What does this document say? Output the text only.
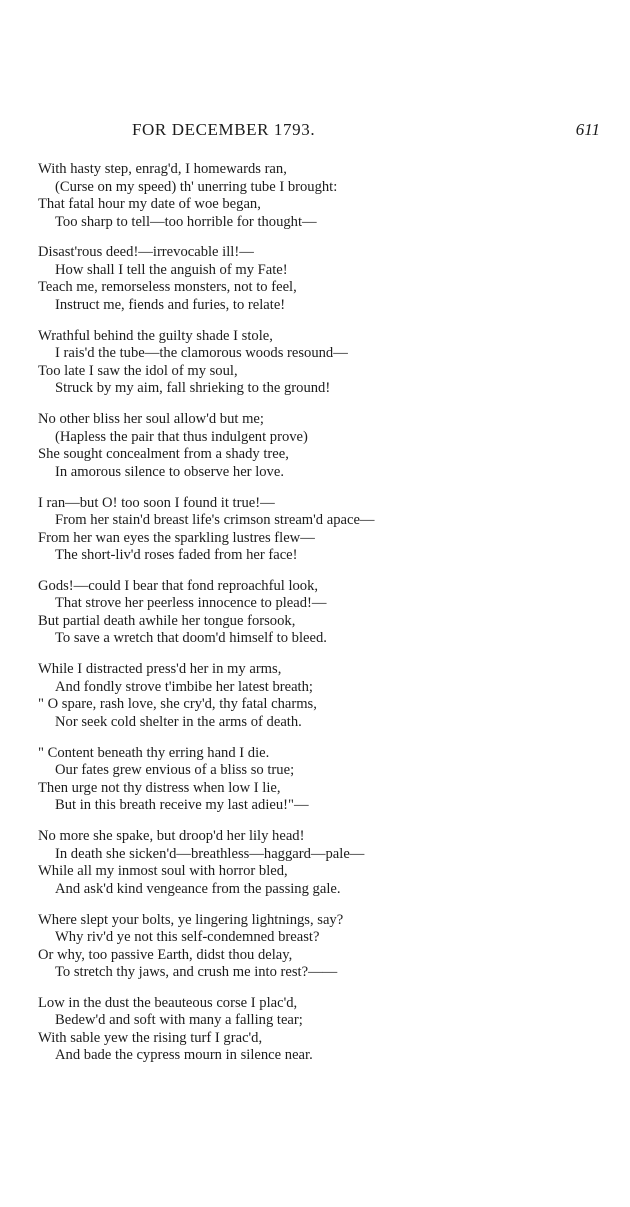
FOR DECEMBER 1793.	611
With hasty step, enrag'd, I homewards ran,
(Curse on my speed) th' unerring tube I brought:
That fatal hour my date of woe began,
Too sharp to tell—too horrible for thought—
Disast'rous deed!—irrevocable ill!—
How shall I tell the anguish of my Fate!
Teach me, remorseless monsters, not to feel,
Instruct me, fiends and furies, to relate!
Wrathful behind the guilty shade I stole,
I rais'd the tube—the clamorous woods resound—
Too late I saw the idol of my soul,
Struck by my aim, fall shrieking to the ground!
No other bliss her soul allow'd but me;
(Hapless the pair that thus indulgent prove)
She sought concealment from a shady tree,
In amorous silence to observe her love.
I ran—but O! too soon I found it true!—
From her stain'd breast life's crimson stream'd apace—
From her wan eyes the sparkling lustres flew—
The short-liv'd roses faded from her face!
Gods!—could I bear that fond reproachful look,
That strove her peerless innocence to plead!—
But partial death awhile her tongue forsook,
To save a wretch that doom'd himself to bleed.
While I distracted press'd her in my arms,
And fondly strove t'imbibe her latest breath;
" O spare, rash love, she cry'd, thy fatal charms,
Nor seek cold shelter in the arms of death.
" Content beneath thy erring hand I die.
Our fates grew envious of a bliss so true;
Then urge not thy distress when low I lie,
But in this breath receive my last adieu!"—
No more she spake, but droop'd her lily head!
In death she sicken'd—breathless—haggard—pale—
While all my inmost soul with horror bled,
And ask'd kind vengeance from the passing gale.
Where slept your bolts, ye lingering lightnings, say?
Why riv'd ye not this self-condemned breast?
Or why, too passive Earth, didst thou delay,
To stretch thy jaws, and crush me into rest?——
Low in the dust the beauteous corse I plac'd,
Bedew'd and soft with many a falling tear;
With sable yew the rising turf I grac'd,
And bade the cypress mourn in silence near.
